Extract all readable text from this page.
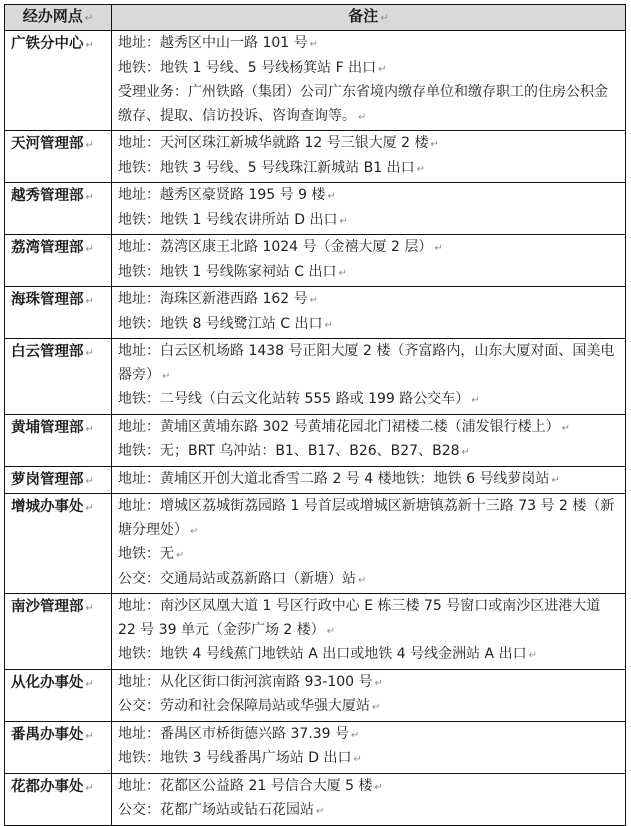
经办网点 ↵	备注 ↵
广铁分中心 ↵	地址：越秀区中山一路 101 号 ↵
地铁：地铁 1 号线、5 号线杨箕站 F 出口 ↵
受理业务：广州铁路（集团）公司广东省境内缴存单位和缴存职工的住房公积金缴存、提取、信访投诉、咨询查询等。 ↵

天河管理部 ↵	地址：天河区珠江新城华就路 12 号三银大厦 2 楼 ↵
地铁：地铁 3 号线、5 号线珠江新城站 B1 出口 ↵

越秀管理部 ↵	地址：越秀区豪贤路 195 号 9 楼 ↵
地铁：地铁 1 号线农讲所站 D 出口 ↵

荔湾管理部 ↵	地址：荔湾区康王北路 1024 号（金禧大厦 2 层） ↵
地铁：地铁 1 号线陈家祠站 C 出口 ↵

海珠管理部 ↵	地址：海珠区新港西路 162 号 ↵
地铁：地铁 8 号线鹭江站 C 出口 ↵

白云管理部 ↵	地址：白云区机场路 1438 号正阳大厦 2 楼（齐富路内，山东大厦对面、国美电器旁） ↵
地铁：二号线（白云文化站转 555 路或 199 路公交车） ↵

黄埔管理部 ↵	地址：黄埔区黄埔东路 302 号黄埔花园北门裙楼二楼（浦发银行楼上） ↵
地铁：无；BRT 乌冲站：B1、B17、B26、B27、B28 ↵

萝岗管理部 ↵	地址：黄埔区开创大道北香雪二路 2 号 4 楼地铁：地铁 6 号线萝岗站 ↵

增城办事处 ↵	地址：增城区荔城街荔园路 1 号首层或增城区新塘镇荔新十三路 73 号 2 楼（新塘分理处） ↵
地铁：无 ↵
公交：交通局站或荔新路口（新塘）站 ↵

南沙管理部 ↵	地址：南沙区凤凰大道 1 号区行政中心 E 栋三楼 75 号窗口或南沙区进港大道 22 号 39 单元（金莎广场 2 楼） ↵
地铁：地铁 4 号线蕉门地铁站 A 出口或地铁 4 号线金洲站 A 出口 ↵

从化办事处 ↵	地址：从化区街口街河滨南路 93-100 号 ↵
公交：劳动和社会保障局站或华强大厦站 ↵

番禺办事处 ↵	地址：番禺区市桥街德兴路 37.39 号 ↵
地铁：地铁 3 号线番禺广场站 D 出口 ↵

花都办事处 ↵	地址：花都区公益路 21 号信合大厦 5 楼 ↵
公交：花都广场站或钻石花园站 ↵
